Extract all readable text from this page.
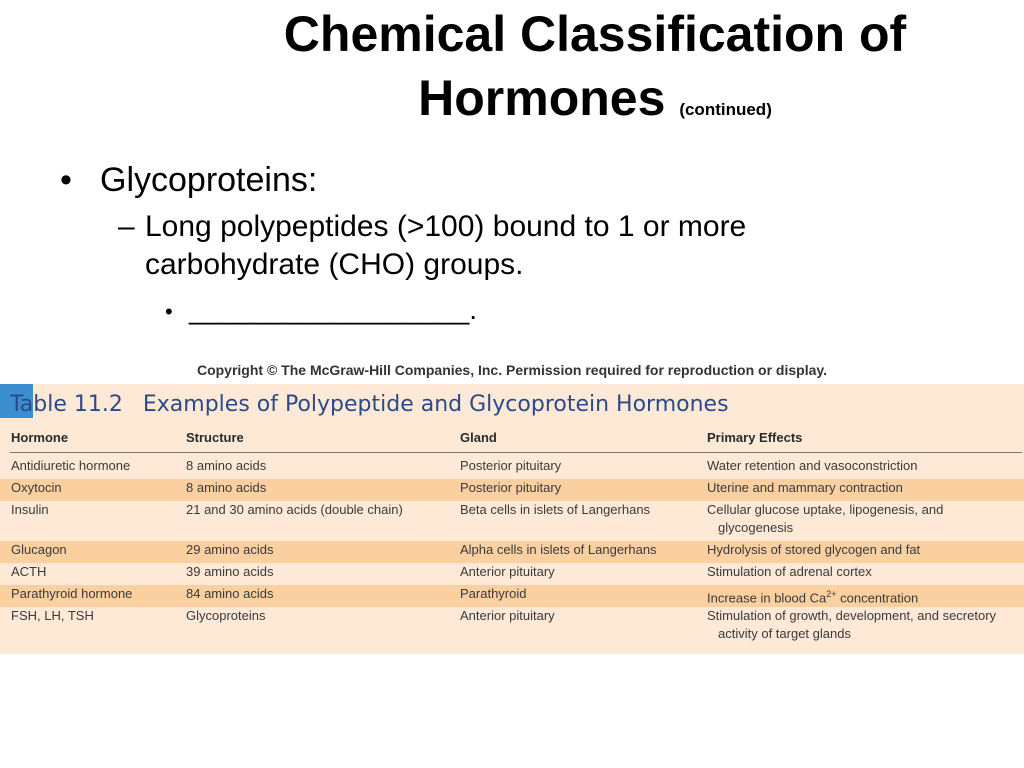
Chemical Classification of
Hormones (continued)
• Glycoproteins:
– Long polypeptides (>100) bound to 1 or more carbohydrate (CHO) groups.
• __________________.
Copyright © The McGraw-Hill Companies, Inc. Permission required for reproduction or display.
Table 11.2 Examples of Polypeptide and Glycoprotein Hormones
Hormone	Structure	Gland	Primary Effects
Antidiuretic hormone	8 amino acids	Posterior pituitary	Water retention and vasoconstriction
Oxytocin	8 amino acids	Posterior pituitary	Uterine and mammary contraction
Insulin	21 and 30 amino acids (double chain)	Beta cells in islets of Langerhans	Cellular glucose uptake, lipogenesis, and
glycogenesis
Glucagon	29 amino acids	Alpha cells in islets of Langerhans	Hydrolysis of stored glycogen and fat
ACTH	39 amino acids	Anterior pituitary	Stimulation of adrenal cortex
Parathyroid hormone	84 amino acids	Parathyroid	Increase in blood $Ca^{2+}$ concentration
FSH, LH, TSH	Glycoproteins	Anterior pituitary	Stimulation of growth, development, and secretory
activity of target glands
